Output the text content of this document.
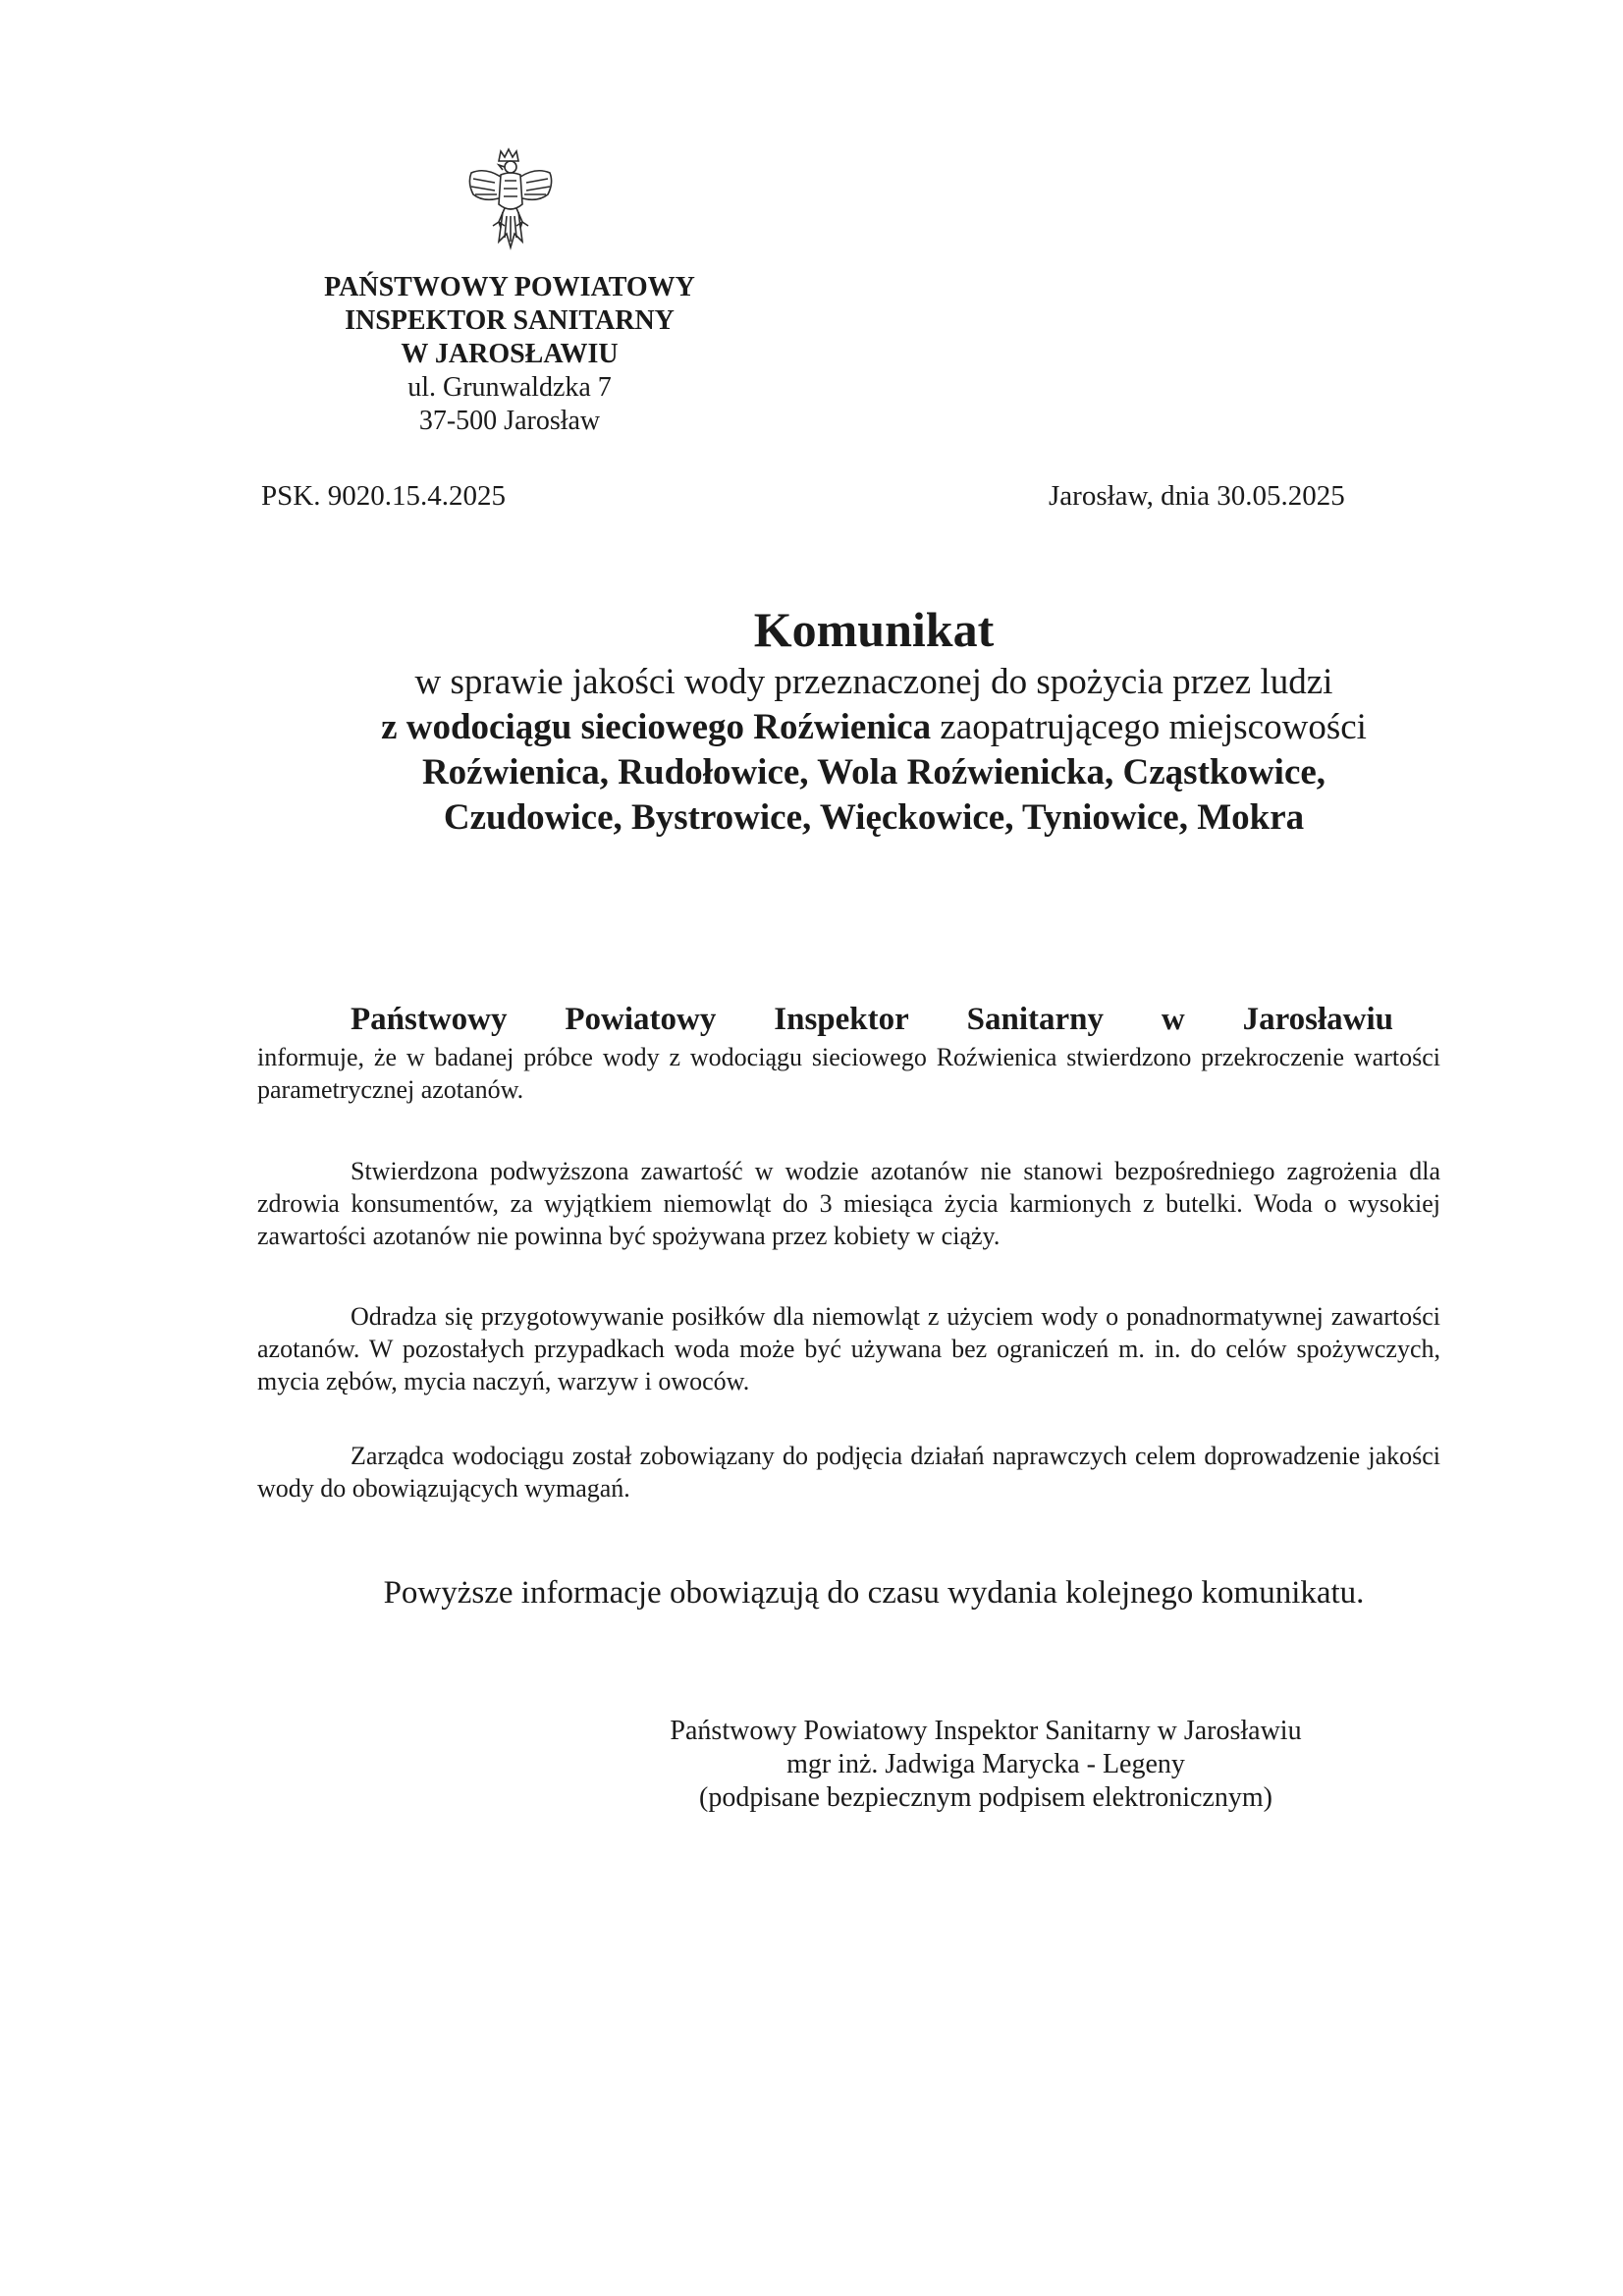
PAŃSTWOWY POWIATOWY
INSPEKTOR SANITARNY
W JAROSŁAWIU
ul. Grunwaldzka 7
37-500 Jarosław
PSK. 9020.15.4.2025	Jarosław, dnia 30.05.2025
Komunikat
w sprawie jakości wody przeznaczonej do spożycia przez ludzi
z wodociągu sieciowego Roźwienica zaopatrującego miejscowości
Roźwienica, Rudołowice, Wola Roźwienicka, Cząstkowice,
Czudowice, Bystrowice, Więckowice, Tyniowice, Mokra
Państwowy Powiatowy Inspektor Sanitarny w Jarosławiu
informuje, że w badanej próbce wody z wodociągu sieciowego Roźwienica stwierdzono przekroczenie wartości parametrycznej azotanów.
Stwierdzona podwyższona zawartość w wodzie azotanów nie stanowi bezpośredniego zagrożenia dla zdrowia konsumentów, za wyjątkiem niemowląt do 3 miesiąca życia karmionych z butelki. Woda o wysokiej zawartości azotanów nie powinna być spożywana przez kobiety w ciąży.
Odradza się przygotowywanie posiłków dla niemowląt z użyciem wody o ponadnormatywnej zawartości azotanów. W pozostałych przypadkach woda może być używana bez ograniczeń m. in. do celów spożywczych, mycia zębów, mycia naczyń, warzyw i owoców.
Zarządca wodociągu został zobowiązany do podjęcia działań naprawczych celem doprowadzenie jakości wody do obowiązujących wymagań.
Powyższe informacje obowiązują do czasu wydania kolejnego komunikatu.
Państwowy Powiatowy Inspektor Sanitarny w Jarosławiu
mgr inż. Jadwiga Marycka - Legeny
(podpisane bezpiecznym podpisem elektronicznym)
